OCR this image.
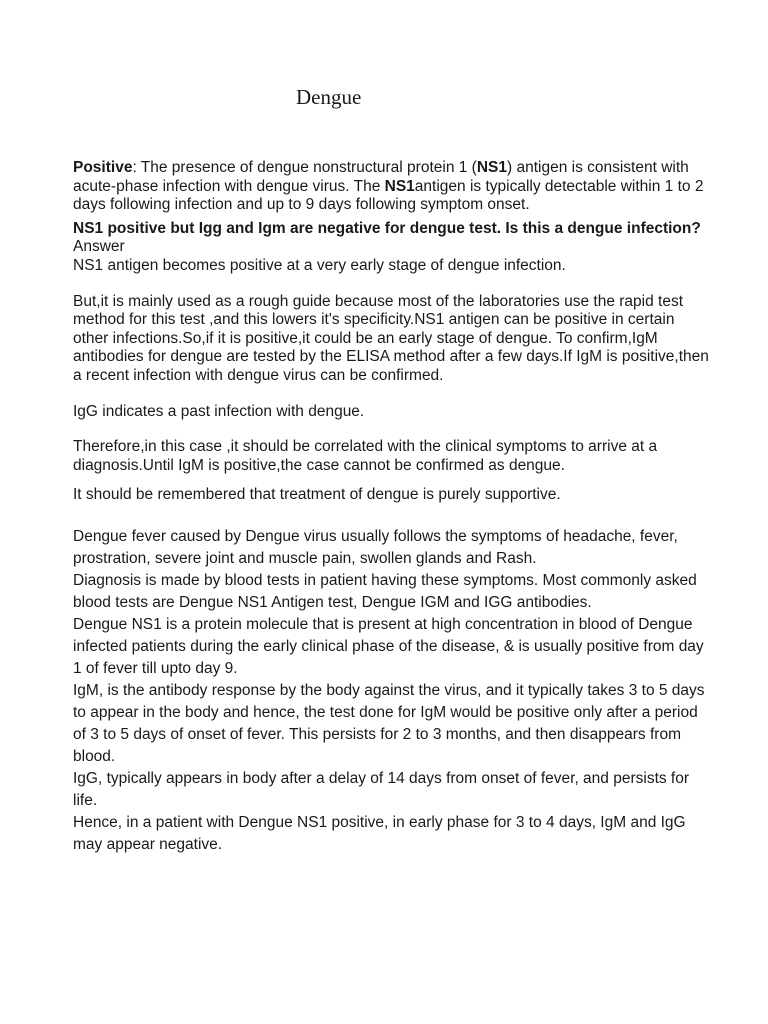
Dengue

Positive: The presence of dengue nonstructural protein 1 (NS1) antigen is consistent with acute-phase infection with dengue virus. The NS1antigen is typically detectable within 1 to 2 days following infection and up to 9 days following symptom onset.

NS1 positive but Igg and Igm are negative for dengue test. Is this a dengue infection?

Answer

NS1 antigen becomes positive at a very early stage of dengue infection.

But,it is mainly used as a rough guide because most of the laboratories use the rapid test method for this test ,and this lowers it's specificity.NS1 antigen can be positive in certain other infections.So,if it is positive,it could be an early stage of dengue. To confirm,IgM antibodies for dengue are tested by the ELISA method after a few days.If IgM is positive,then a recent infection with dengue virus can be confirmed.

IgG indicates a past infection with dengue.

Therefore,in this case ,it should be correlated with the clinical symptoms to arrive at a diagnosis.Until IgM is positive,the case cannot be confirmed as dengue.

It should be remembered that treatment of dengue is purely supportive.

Dengue fever caused by Dengue virus usually follows the symptoms of headache, fever, prostration, severe joint and muscle pain, swollen glands and Rash.

Diagnosis is made by blood tests in patient having these symptoms. Most commonly asked blood tests are Dengue NS1 Antigen test, Dengue IGM and IGG antibodies.

Dengue NS1 is a protein molecule that is present at high concentration in blood of Dengue infected patients during the early clinical phase of the disease, & is usually positive from day 1 of fever till upto day 9.

IgM, is the antibody response by the body against the virus, and it typically takes 3 to 5 days to appear in the body and hence, the test done for IgM would be positive only after a period of 3 to 5 days of onset of fever. This persists for 2 to 3 months, and then disappears from blood.

IgG, typically appears in body after a delay of 14 days from onset of fever, and persists for life.

Hence, in a patient with Dengue NS1 positive, in early phase for 3 to 4 days, IgM and IgG may appear negative.
